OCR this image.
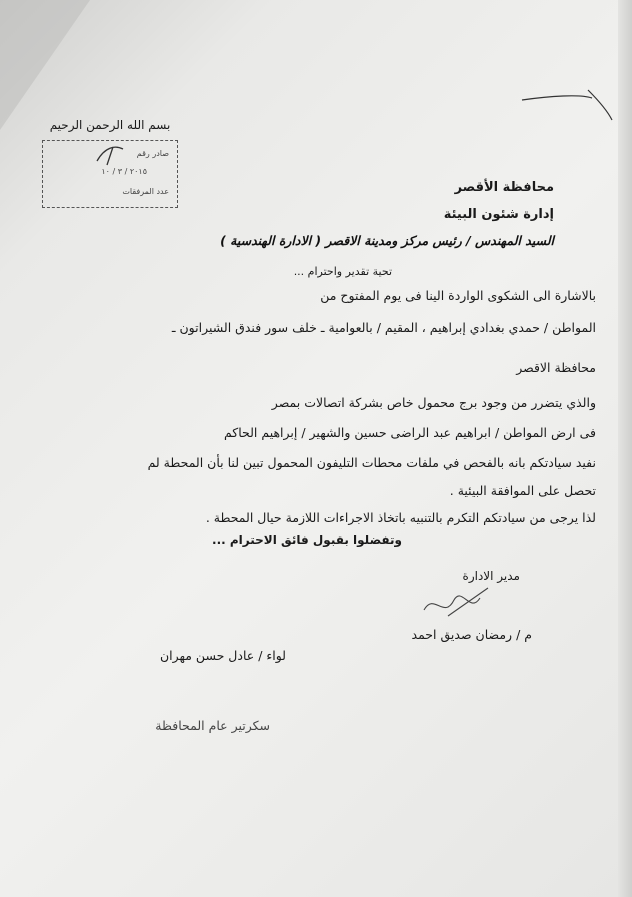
بسم الله الرحمن الرحيم
صادر رقم
٢٠١٥ / ٣ / ١٠
عدد المرفقات	محافظة الأقصر
إدارة شئون البيئة
السيد المهندس / رئيس مركز ومدينة الاقصر ( الادارة الهندسية )
تحية تقدير واحترام ...
بالاشارة الى الشكوى الواردة الينا فى يوم المفتوح من
المواطن / حمدي بغدادي إبراهيم ، المقيم / بالعوامية ـ خلف سور فندق الشيراتون ـ
محافظة الاقصر
والذي يتضرر من وجود برج محمول خاص بشركة اتصالات بمصر
فى ارض المواطن / ابراهيم عبد الراضى حسين والشهير / إبراهيم الحاكم
نفيد سيادتكم بانه بالفحص في ملفات محطات التليفون المحمول تبين لنا بأن المحطة لم
تحصل على الموافقة البيئية .
لذا يرجى من سيادتكم التكرم بالتنبيه باتخاذ الاجراءات اللازمة حيال المحطة .
وتفضلوا بقبول فائق الاحترام ...
مدير الادارة
م / رمضان صديق احمد
لواء / عادل حسن مهران
سكرتير عام المحافظة
